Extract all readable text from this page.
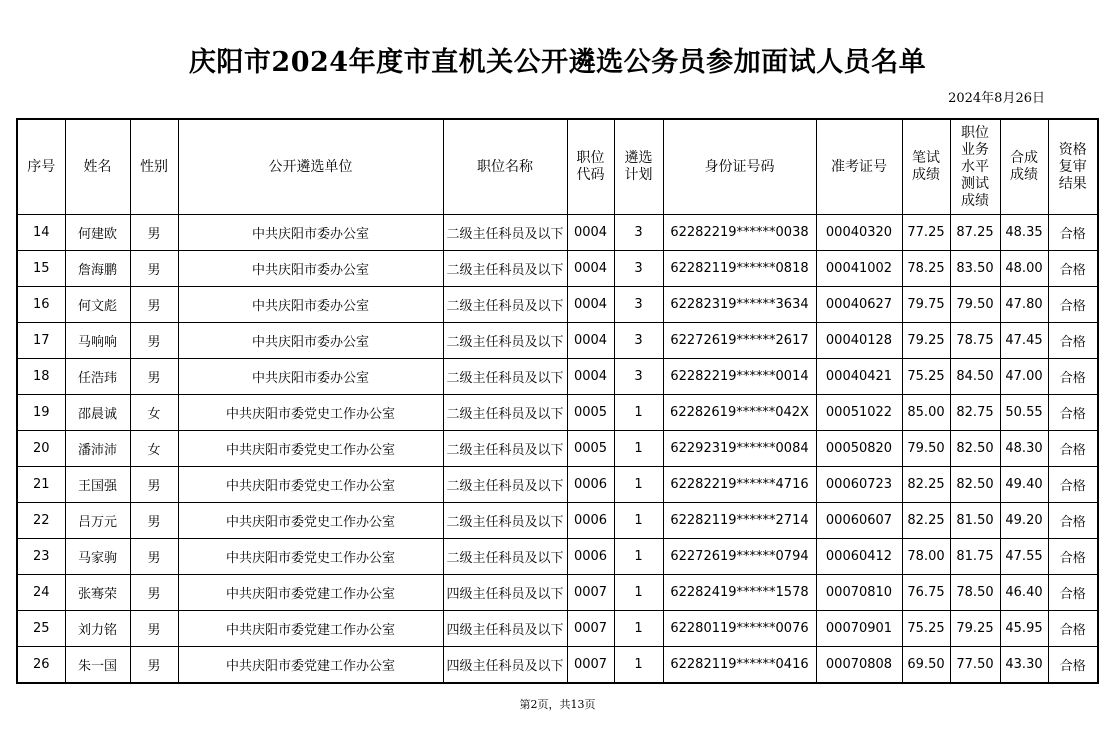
庆阳市2024年度市直机关公开遴选公务员参加面试人员名单
2024年8月26日
序号	姓名	性别	公开遴选单位	职位名称	职位代码	遴选计划	身份证号码	准考证号	笔试成绩	职位业务水平测试成绩	合成成绩	资格复审结果
14	何建欧	男	中共庆阳市委办公室	二级主任科员及以下	0004	3	62282219******0038	00040320	77.25	87.25	48.35	合格
15	詹海鹏	男	中共庆阳市委办公室	二级主任科员及以下	0004	3	62282119******0818	00041002	78.25	83.50	48.00	合格
16	何文彪	男	中共庆阳市委办公室	二级主任科员及以下	0004	3	62282319******3634	00040627	79.75	79.50	47.80	合格
17	马响响	男	中共庆阳市委办公室	二级主任科员及以下	0004	3	62272619******2617	00040128	79.25	78.75	47.45	合格
18	任浩玮	男	中共庆阳市委办公室	二级主任科员及以下	0004	3	62282219******0014	00040421	75.25	84.50	47.00	合格
19	邵晨诚	女	中共庆阳市委党史工作办公室	二级主任科员及以下	0005	1	62282619******042X	00051022	85.00	82.75	50.55	合格
20	潘沛沛	女	中共庆阳市委党史工作办公室	二级主任科员及以下	0005	1	62292319******0084	00050820	79.50	82.50	48.30	合格
21	王国强	男	中共庆阳市委党史工作办公室	二级主任科员及以下	0006	1	62282219******4716	00060723	82.25	82.50	49.40	合格
22	吕万元	男	中共庆阳市委党史工作办公室	二级主任科员及以下	0006	1	62282119******2714	00060607	82.25	81.50	49.20	合格
23	马家驹	男	中共庆阳市委党史工作办公室	二级主任科员及以下	0006	1	62272619******0794	00060412	78.00	81.75	47.55	合格
24	张骞荣	男	中共庆阳市委党建工作办公室	四级主任科员及以下	0007	1	62282419******1578	00070810	76.75	78.50	46.40	合格
25	刘力铭	男	中共庆阳市委党建工作办公室	四级主任科员及以下	0007	1	62280119******0076	00070901	75.25	79.25	45.95	合格
26	朱一国	男	中共庆阳市委党建工作办公室	四级主任科员及以下	0007	1	62282119******0416	00070808	69.50	77.50	43.30	合格
第2页，共13页
